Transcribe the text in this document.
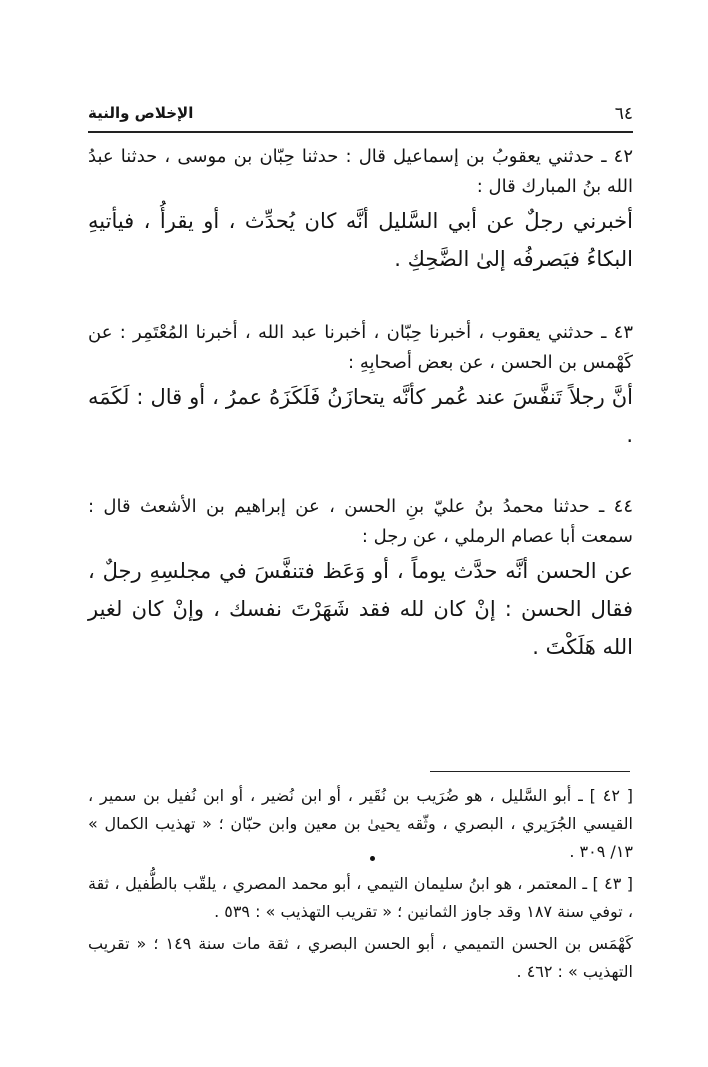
٦٤
الإخلاص والنية

٤٢ ـ حدثني يعقوبُ بن إسماعيل قال : حدثنا حِبّان بن موسى ، حدثنا عبدُ الله بنُ المبارك قال :

أخبرني رجلٌ عن أبي السَّليل أنَّه كان يُحدِّث ، أو يقرأُ ، فيأتيهِ البكاءُ فيَصرفُه إلىٰ الضَّحِكِ .

٤٣ ـ حدثني يعقوب ، أخبرنا حِبّان ، أخبرنا عبد الله ، أخبرنا المُعْتَمِر : عن كَهْمس بن الحسن ، عن بعض أصحابِهِ :

أنَّ رجلاً تَنفَّسَ عند عُمر كأنَّه يتحازَنُ فَلَكَزَهُ عمرُ ، أو قال : لَكَمَه .

٤٤ ـ حدثنا محمدُ بنُ عليّ بنِ الحسن ، عن إبراهيم بن الأشعث قال : سمعت أبا عصام الرملي ، عن رجل :

عن الحسن أنَّه حدَّث يوماً ، أو وَعَظ فتنفَّسَ في مجلسِهِ رجلٌ ، فقال الحسن : إنْ كان لله فقد شَهَرْتَ نفسك ، وإنْ كان لغير الله هَلَكْتَ .

[ ٤٢ ] ـ أبو السَّليل ، هو ضُرَيب بن نُقَير ، أو ابن نُضير ، أو ابن نُفيل بن سمير ، القيسي الجُرَيري ، البصري ، وثّقه يحيىٰ بن معين وابن حبّان ؛ « تهذيب الكمال » ١٣/ ٣٠٩ .

[ ٤٣ ] ـ المعتمر ، هو ابنُ سليمان التيمي ، أبو محمد المصري ، يلقّب بالطُّفيل ، ثقة ، توفي سنة ١٨٧ وقد جاوز الثمانين ؛ « تقريب التهذيب » : ٥٣٩ .

كَهْمَس بن الحسن التميمي ، أبو الحسن البصري ، ثقة مات سنة ١٤٩ ؛ « تقريب التهذيب » : ٤٦٢ .
